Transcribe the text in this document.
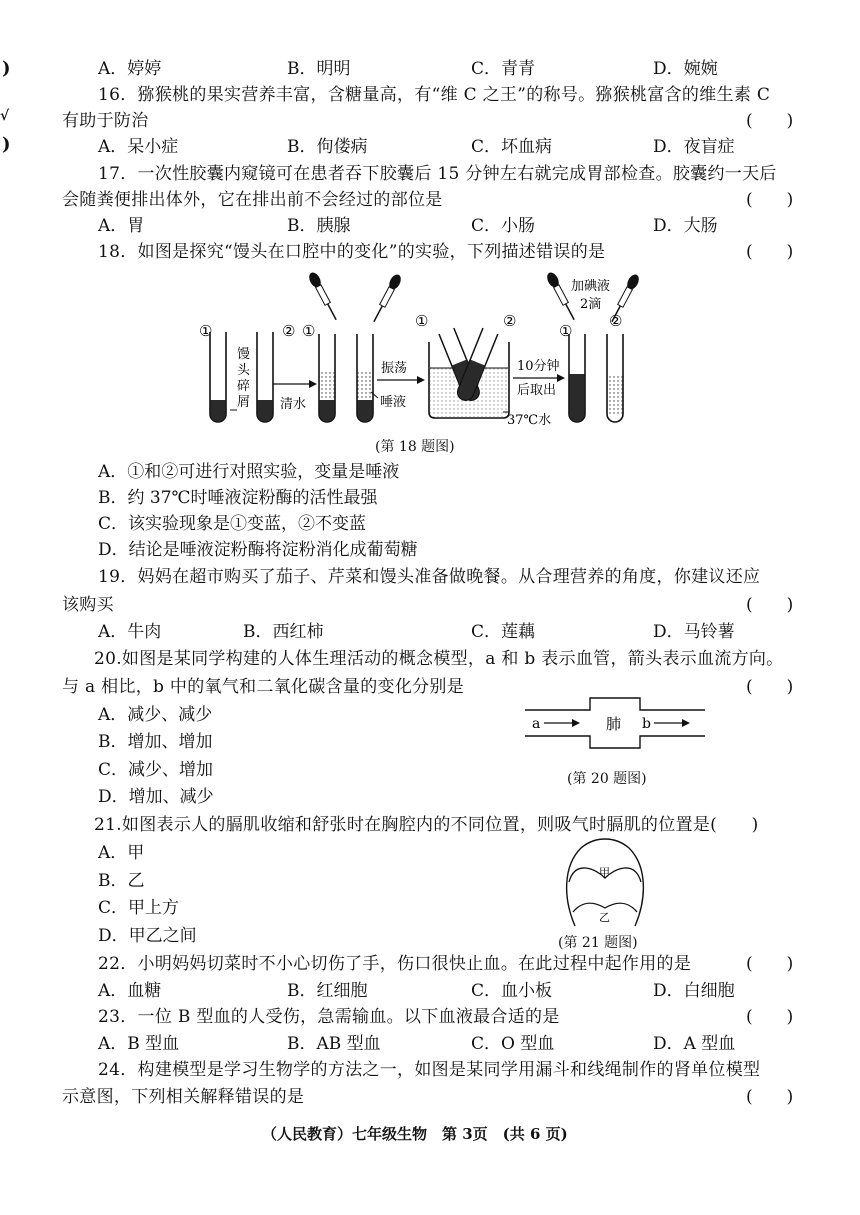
)
√
)
A．婷婷	B．明明	C．青青	D．婉婉
16．猕猴桃的果实营养丰富，含糖量高，有“维 C 之王”的称号。猕猴桃富含的维生素 C
有助于防治	(　　)
A．呆小症	B．佝偻病	C．坏血病	D．夜盲症
17．一次性胶囊内窥镜可在患者吞下胶囊后 15 分钟左右就完成胃部检查。胶囊约一天后
会随粪便排出体外，它在排出前不会经过的部位是	(　　)
A．胃	B．胰腺	C．小肠	D．大肠
18．如图是探究“馒头在口腔中的变化”的实验，下列描述错误的是	(　　)
①
馒
头
碎
屑 清水
② ①
唾液
振荡
①	②
10分钟
后取出
37℃水
①
②
加碘液
2滴
(第 18 题图)
A．①和②可进行对照实验，变量是唾液
B．约 37℃时唾液淀粉酶的活性最强
C．该实验现象是①变蓝，②不变蓝
D．结论是唾液淀粉酶将淀粉消化成葡萄糖
19．妈妈在超市购买了茄子、芹菜和馒头准备做晚餐。从合理营养的角度，你建议还应
该购买	(　　)
A．牛肉	B．西红柿	C．莲藕	D．马铃薯
20.如图是某同学构建的人体生理活动的概念模型，a 和 b 表示血管，箭头表示血流方向。
与 a 相比，b 中的氧气和二氧化碳含量的变化分别是	(　　)
A．减少、减少
B．增加、增加
C．减少、增加
D．增加、减少
a	肺 b
(第 20 题图)
21.如图表示人的膈肌收缩和舒张时在胸腔内的不同位置，则吸气时膈肌的位置是(　　)
A．甲
B．乙
C．甲上方
D．甲乙之间
甲
乙
(第 21 题图)
22．小明妈妈切菜时不小心切伤了手，伤口很快止血。在此过程中起作用的是	(　　)
A．血糖	B．红细胞	C．血小板	D．白细胞
23．一位 B 型血的人受伤，急需输血。以下血液最合适的是	(　　)
A．B 型血	B．AB 型血	C．O 型血	D．A 型血
24．构建模型是学习生物学的方法之一，如图是某同学用漏斗和线绳制作的肾单位模型
示意图，下列相关解释错误的是	(　　)
（人民教育）七年级生物　第 3页　(共 6 页)
